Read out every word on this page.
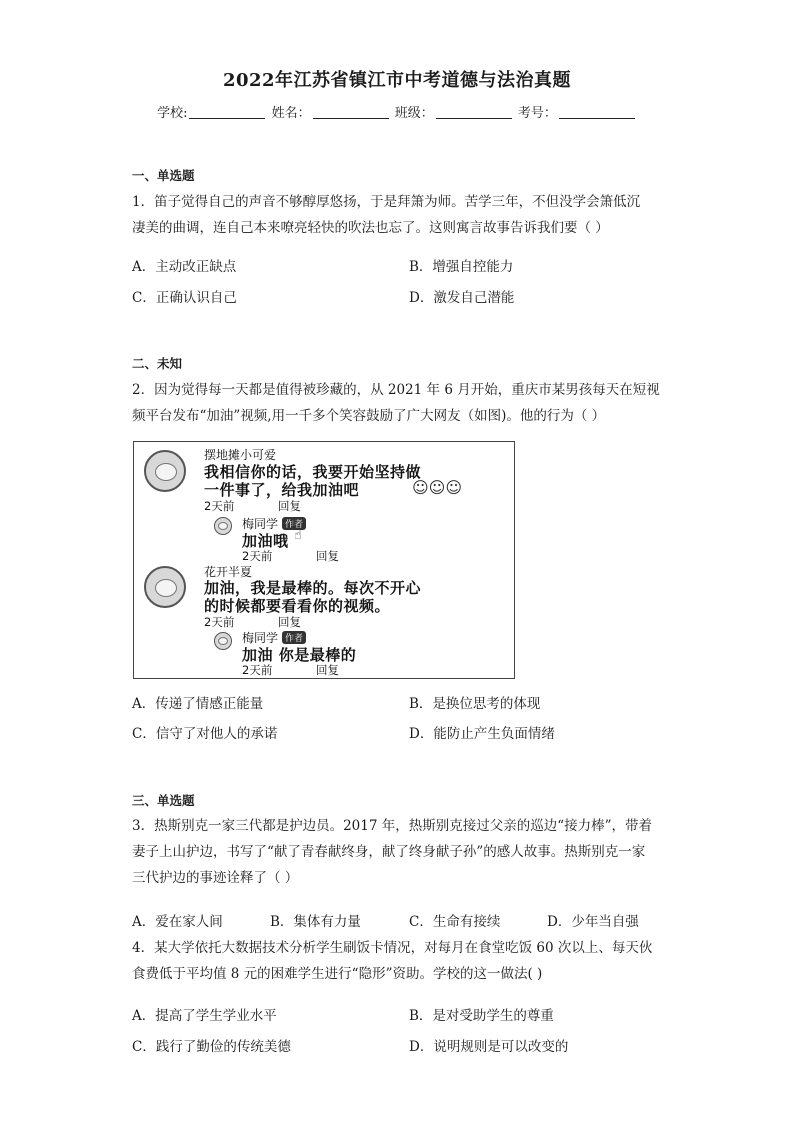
2022年江苏省镇江市中考道德与法治真题
学校:	姓名：	班级：	考号：
一、单选题
1．笛子觉得自己的声音不够醇厚悠扬，于是拜箫为师。苦学三年，不但没学会箫低沉
凄美的曲调，连自己本来嘹亮轻快的吹法也忘了。这则寓言故事告诉我们要（ ）
A．主动改正缺点	B．增强自控能力
C．正确认识自己	D．激发自己潜能
二、未知
2．因为觉得每一天都是值得被珍藏的，从 2021 年 6 月开始，重庆市某男孩每天在短视
频平台发布“加油”视频,用一千多个笑容鼓励了广大网友（如图)。他的行为（ ）
摆地摊小可爱
我相信你的话，我要开始坚持做
一件事了，给我加油吧	☺☺☺
2天前	回复
梅同学 作者
加油哦 ☝
2天前	回复
花开半夏
加油，我是最棒的。每次不开心
的时候都要看看你的视频。
2天前	回复
梅同学 作者
加油 你是最棒的
2天前	回复
A．传递了情感正能量	B．是换位思考的体现
C．信守了对他人的承诺	D．能防止产生负面情绪
三、单选题
3．热斯别克一家三代都是护边员。2017 年，热斯别克接过父亲的巡边“接力棒”，带着
妻子上山护边，书写了“献了青春献终身，献了终身献子孙”的感人故事。热斯别克一家
三代护边的事迹诠释了（ ）
A．爱在家人间	B．集体有力量	C．生命有接续	D．少年当自强
4．某大学依托大数据技术分析学生刷饭卡情况，对每月在食堂吃饭 60 次以上、每天伙
食费低于平均值 8 元的困难学生进行“隐形”资助。学校的这一做法( )
A．提高了学生学业水平	B．是对受助学生的尊重
C．践行了勤俭的传统美德	D．说明规则是可以改变的
